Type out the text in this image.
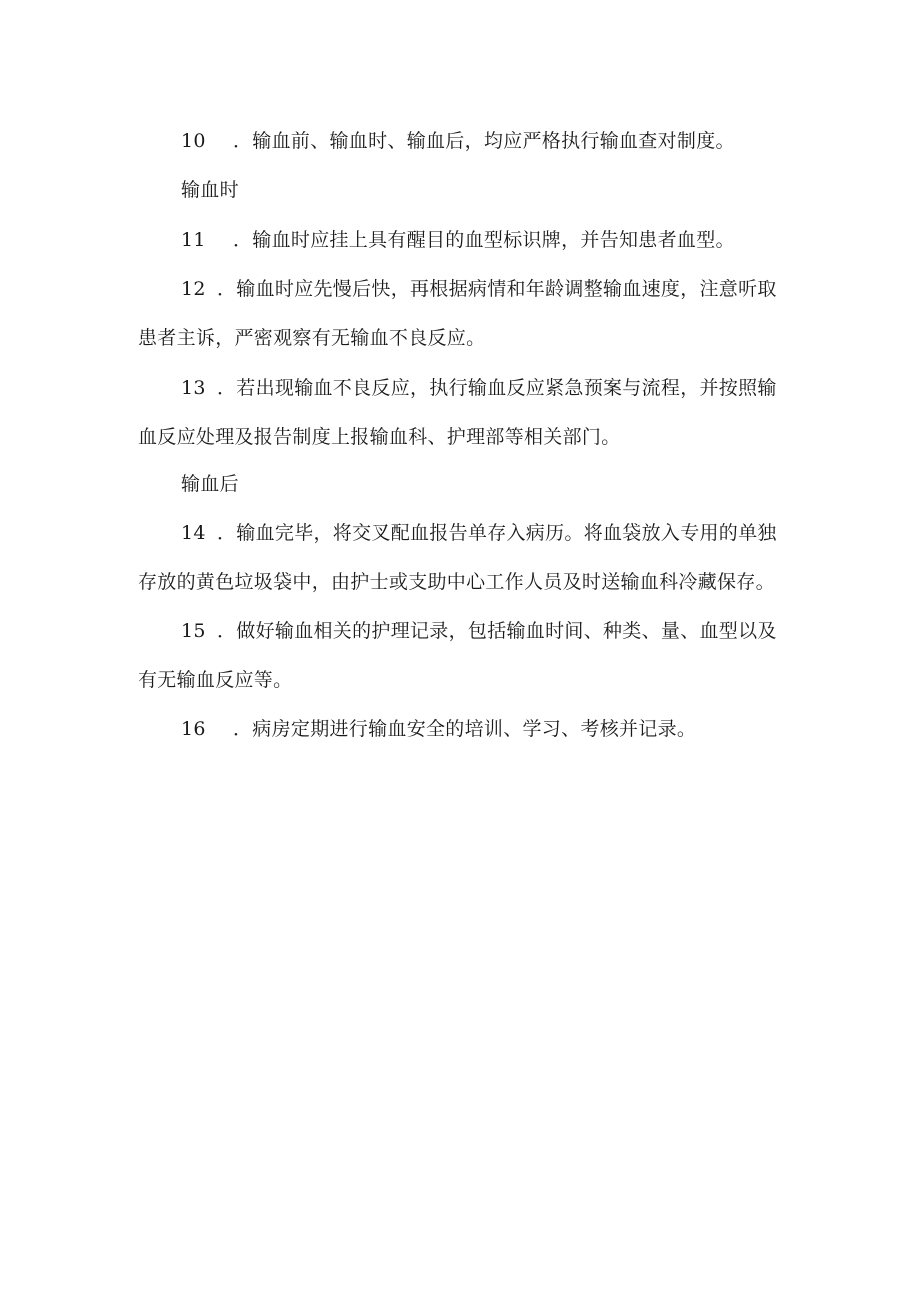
10 ．输血前、输血时、输血后，均应严格执行输血查对制度。
输血时
11 ．输血时应挂上具有醒目的血型标识牌，并告知患者血型。
12 ．输血时应先慢后快，再根据病情和年龄调整输血速度，注意听取
患者主诉，严密观察有无输血不良反应。
13 ．若出现输血不良反应，执行输血反应紧急预案与流程，并按照输
血反应处理及报告制度上报输血科、护理部等相关部门。
输血后
14 ．输血完毕，将交叉配血报告单存入病历。将血袋放入专用的单独
存放的黄色垃圾袋中，由护士或支助中心工作人员及时送输血科冷藏保存。
15 ．做好输血相关的护理记录，包括输血时间、种类、量、血型以及
有无输血反应等。
16 ．病房定期进行输血安全的培训、学习、考核并记录。
